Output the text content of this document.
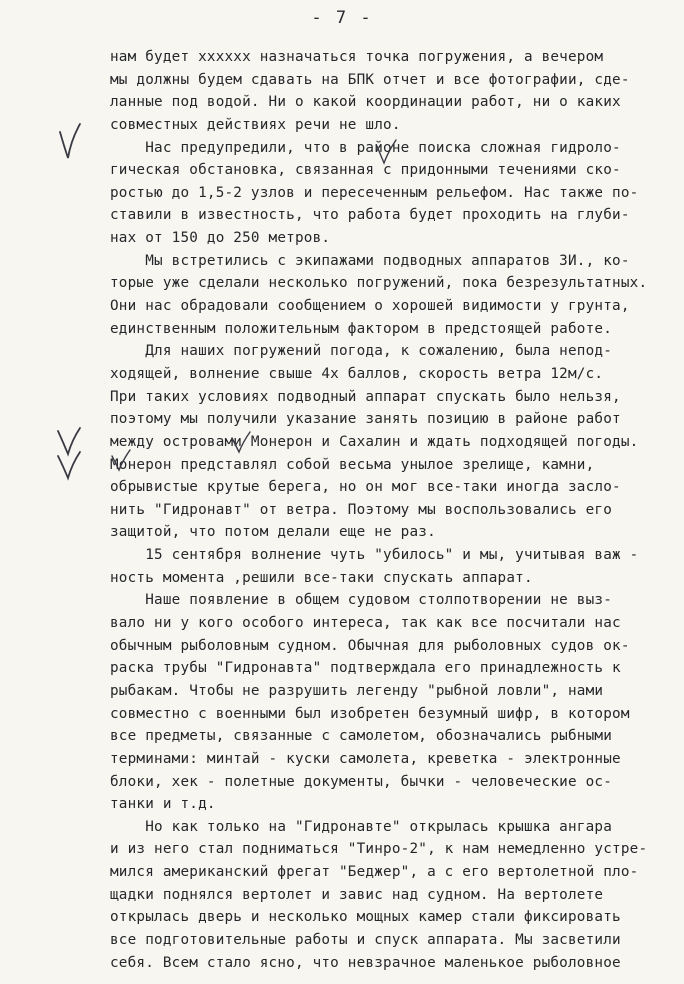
- 7 -
нам будет хххххх назначаться точка погружения, а вечером
мы должны будем сдавать на БПК отчет и все фотографии, сде-
ланные под водой. Ни о какой координации работ, ни о каких
совместных действиях речи не шло.
Нас предупредили, что в районе поиска сложная гидроло-
гическая обстановка, связанная с придонными течениями ско-
ростью до 1,5-2 узлов и пересеченным рельефом. Нас также по-
ставили в известность, что работа будет проходить на глуби-
нах от 150 до 250 метров.
Мы встретились с экипажами подводных аппаратов ЗИ., ко-
торые уже сделали несколько погружений, пока безрезультатных.
Они нас обрадовали сообщением о хорошей видимости у грунта,
единственным положительным фактором в предстоящей работе.
Для наших погружений погода, к сожалению, была непод-
ходящей, волнение свыше 4х баллов, скорость ветра 12м/с.
При таких условиях подводный аппарат спускать было нельзя,
поэтому мы получили указание занять позицию в районе работ
между островами Монерон и Сахалин и ждать подходящей погоды.
Монерон представлял собой весьма унылое зрелище, камни,
обрывистые крутые берега, но он мог все-таки иногда засло-
нить "Гидронавт" от ветра. Поэтому мы воспользовались его
защитой, что потом делали еще не раз.
15 сентября волнение чуть "убилось" и мы, учитывая важ -
ность момента ,решили все-таки спускать аппарат.
Наше появление в общем судовом столпотворении не выз-
вало ни у кого особого интереса, так как все посчитали нас
обычным рыболовным судном. Обычная для рыболовных судов ок-
раска трубы "Гидронавта" подтверждала его принадлежность к
рыбакам. Чтобы не разрушить легенду "рыбной ловли", нами
совместно с военными был изобретен безумный шифр, в котором
все предметы, связанные с самолетом, обозначались рыбными
терминами: минтай - куски самолета, креветка - электронные
блоки, хек - полетные документы, бычки - человеческие ос-
танки и т.д.
Но как только на "Гидронавте" открылась крышка ангара
и из него стал подниматься "Тинро-2", к нам немедленно устре-
мился американский фрегат "Беджер", а с его вертолетной пло-
щадки поднялся вертолет и завис над судном. На вертолете
открылась дверь и несколько мощных камер стали фиксировать
все подготовительные работы и спуск аппарата. Мы засветили
себя. Всем стало ясно, что невзрачное маленькое рыболовное
